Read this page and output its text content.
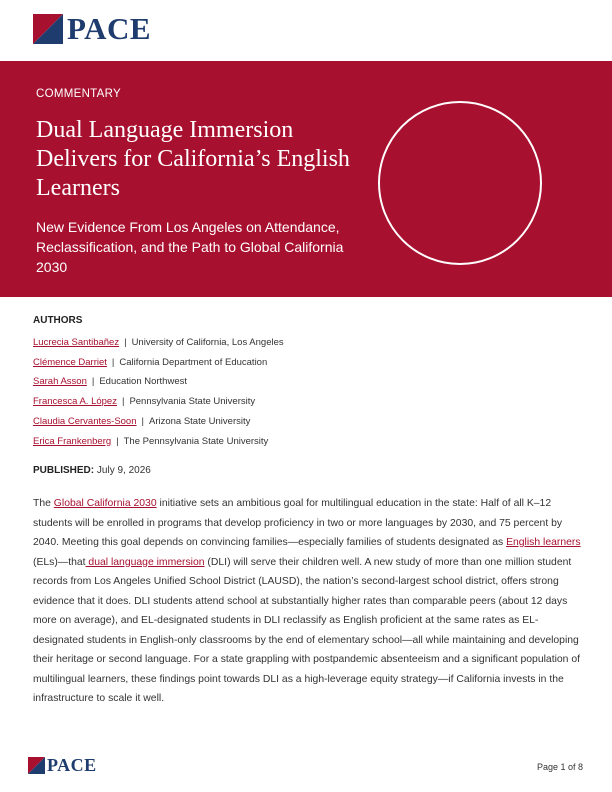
PACE
COMMENTARY
Dual Language Immersion Delivers for California’s English Learners

New Evidence From Los Angeles on Attendance, Reclassification, and the Path to Global California 2030

AUTHORS
Lucrecia Santibañez | University of California, Los Angeles
Clémence Darriet | California Department of Education
Sarah Asson | Education Northwest
Francesca A. López | Pennsylvania State University
Claudia Cervantes-Soon | Arizona State University
Erica Frankenberg | The Pennsylvania State University
PUBLISHED: July 9, 2026

The Global California 2030 initiative sets an ambitious goal for multilingual education in the state: Half of all K–12 students will be enrolled in programs that develop proficiency in two or more languages by 2030, and 75 percent by 2040. Meeting this goal depends on convincing families—especially families of students designated as English learners (ELs)—that dual language immersion (DLI) will serve their children well. A new study of more than one million student records from Los Angeles Unified School District (LAUSD), the nation’s second-largest school district, offers strong evidence that it does. DLI students attend school at substantially higher rates than comparable peers (about 12 days more on average), and EL-designated students in DLI reclassify as English proficient at the same rates as EL-designated students in English-only classrooms by the end of elementary school—all while maintaining and developing their heritage or second language. For a state grappling with postpandemic absenteeism and a significant population of multilingual learners, these findings point towards DLI as a high-leverage equity strategy—if California invests in the infrastructure to scale it well.

PACE	Page 1 of 8
